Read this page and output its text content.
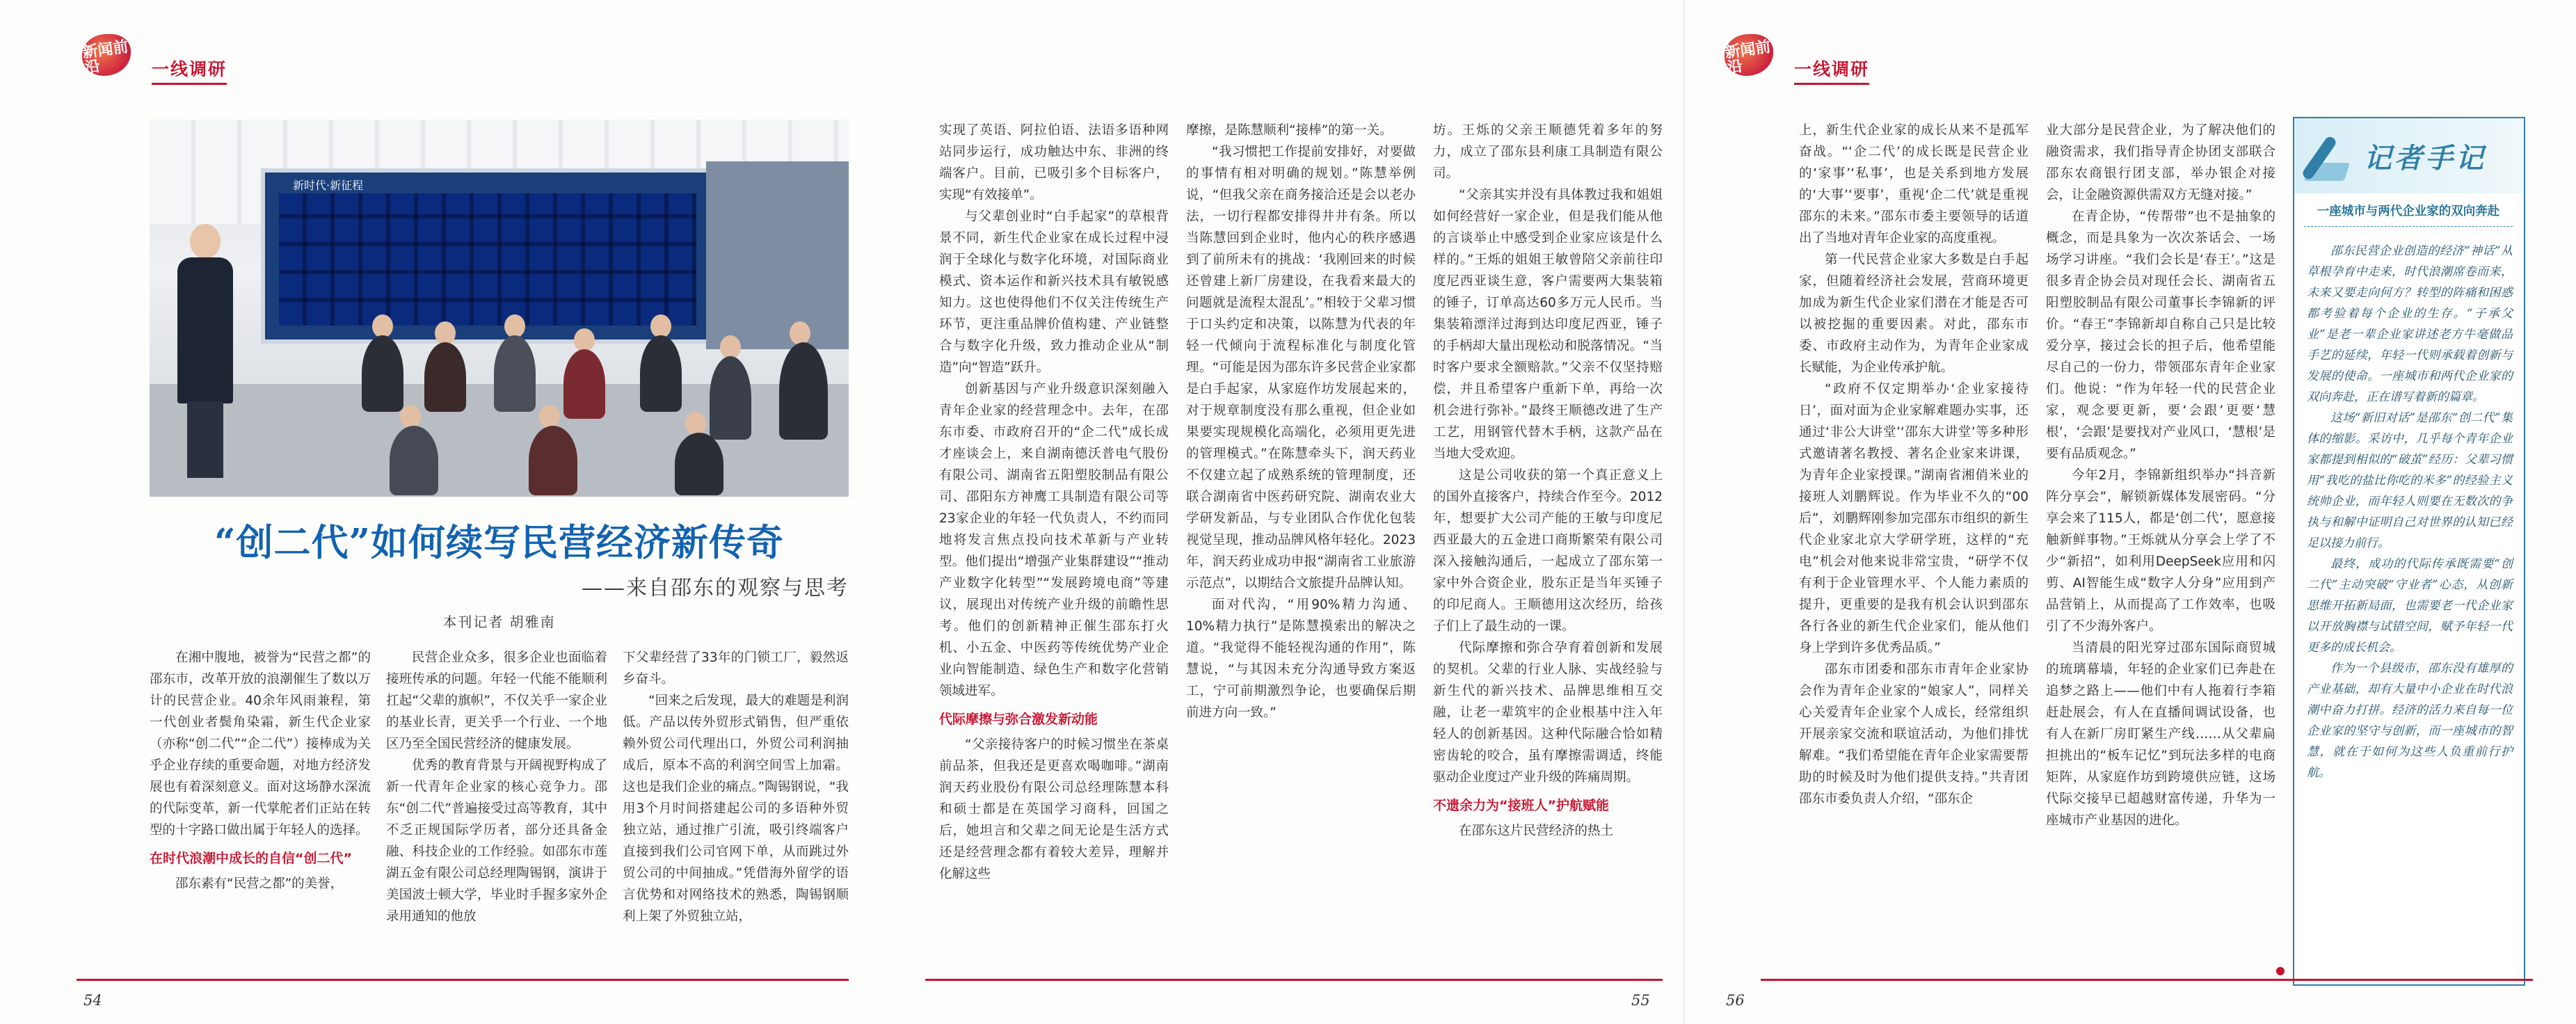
新闻前沿	一线调研
新时代·新征程
“创二代”如何续写民营经济新传奇
——来自邵东的观察与思考
本刊记者 胡雅南

在湘中腹地，被誉为“民营之都”的邵东市，改革开放的浪潮催生了数以万计的民营企业。40余年风雨兼程，第一代创业者鬓角染霜，新生代企业家（亦称“创二代”“企二代”）接棒成为关乎企业存续的重要命题，对地方经济发展也有着深刻意义。面对这场静水深流的代际变革，新一代掌舵者们正站在转型的十字路口做出属于年轻人的选择。

在时代浪潮中成长的自信“创二代”

邵东素有“民营之都”的美誉，

民营企业众多，很多企业也面临着接班传承的问题。年轻一代能不能顺利扛起“父辈的旗帜”，不仅关乎一家企业的基业长青，更关乎一个行业、一个地区乃至全国民营经济的健康发展。

优秀的教育背景与开阔视野构成了新一代青年企业家的核心竞争力。邵东“创二代”普遍接受过高等教育，其中不乏正规国际学历者，部分还具备金融、科技企业的工作经验。如邵东市莲湖五金有限公司总经理陶锡钢，演讲于美国波士顿大学，毕业时手握多家外企录用通知的他放

下父辈经营了33年的门锁工厂，毅然返乡奋斗。

“回来之后发现，最大的难题是利润低。产品以传外贸形式销售，但严重依赖外贸公司代理出口，外贸公司利润抽成后，原本不高的利润空间雪上加霜。这也是我们企业的痛点。”陶锡钢说，“我用3个月时间搭建起公司的多语种外贸独立站，通过推广引流，吸引终端客户直接到我们公司官网下单，从而跳过外贸公司的中间抽成。”凭借海外留学的语言优势和对网络技术的熟悉，陶锡钢顺利上架了外贸独立站，

实现了英语、阿拉伯语、法语多语种网站同步运行，成功触达中东、非洲的终端客户。目前，已吸引多个目标客户，实现“有效接单”。

与父辈创业时“白手起家”的草根背景不同，新生代企业家在成长过程中浸润于全球化与数字化环境，对国际商业模式、资本运作和新兴技术具有敏锐感知力。这也使得他们不仅关注传统生产环节，更注重品牌价值构建、产业链整合与数字化升级，致力推动企业从“制造”向“智造”跃升。

创新基因与产业升级意识深刻融入青年企业家的经营理念中。去年，在邵东市委、市政府召开的“企二代”成长成才座谈会上，来自湖南德沃普电气股份有限公司、湖南省五阳塑胶制品有限公司、邵阳东方神鹰工具制造有限公司等23家企业的年轻一代负责人，不约而同地将发言焦点投向技术革新与产业转型。他们提出“增强产业集群建设”“推动产业数字化转型”“发展跨境电商”等建议，展现出对传统产业升级的前瞻性思考。他们的创新精神正催生邵东打火机、小五金、中医药等传统优势产业企业向智能制造、绿色生产和数字化营销领域进军。

代际摩擦与弥合激发新动能

“父亲接待客户的时候习惯坐在茶桌前品茶，但我还是更喜欢喝咖啡。”湖南润天药业股份有限公司总经理陈慧本科和硕士都是在英国学习商科，回国之后，她坦言和父辈之间无论是生活方式还是经营理念都有着较大差异，理解并化解这些

摩擦，是陈慧顺利“接棒”的第一关。

“我习惯把工作提前安排好，对要做的事情有相对明确的规划。”陈慧举例说，“但我父亲在商务接洽还是会以老办法，一切行程都安排得井井有条。所以当陈慧回到企业时，他内心的秩序感遇到了前所未有的挑战：‘我刚回来的时候还曾建上新厂房建设，在我看来最大的问题就是流程太混乱’。”相较于父辈习惯于口头约定和决策，以陈慧为代表的年轻一代倾向于流程标准化与制度化管理。“可能是因为邵东许多民营企业家都是白手起家，从家庭作坊发展起来的，对于规章制度没有那么重视，但企业如果要实现规模化高端化，必须用更先进的管理模式。”在陈慧牵头下，润天药业不仅建立起了成熟系统的管理制度，还联合湖南省中医药研究院、湖南农业大学研发新品，与专业团队合作优化包装视觉呈现，推动品牌风格年轻化。2023年，润天药业成功申报“湖南省工业旅游示范点”，以期结合文旅提升品牌认知。

面对代沟，“用90%精力沟通、10%精力执行”是陈慧摸索出的解决之道。“我觉得不能轻视沟通的作用”，陈慧说，“与其因未充分沟通导致方案返工，宁可前期激烈争论，也要确保后期前进方向一致。”

坊。王烁的父亲王顺德凭着多年的努力，成立了邵东县利康工具制造有限公司。

“父亲其实并没有具体教过我和姐姐如何经营好一家企业，但是我们能从他的言谈举止中感受到企业家应该是什么样的。”王烁的姐姐王敏曾陪父亲前往印度尼西亚谈生意，客户需要两大集装箱的锤子，订单高达60多万元人民币。当集装箱漂洋过海到达印度尼西亚，锤子的手柄却大量出现松动和脱落情况。“当时客户要求全额赔款。”父亲不仅坚持赔偿，并且希望客户重新下单，再给一次机会进行弥补。”最终王顺德改进了生产工艺，用钢管代替木手柄，这款产品在当地大受欢迎。

这是公司收获的第一个真正意义上的国外直接客户，持续合作至今。2012年，想要扩大公司产能的王敏与印度尼西亚最大的五金进口商斯繁荣有限公司深入接触沟通后，一起成立了邵东第一家中外合资企业，股东正是当年买锤子的印尼商人。王顺德用这次经历，给孩子们上了最生动的一课。

代际摩擦和弥合孕育着创新和发展的契机。父辈的行业人脉、实战经验与新生代的新兴技术、品牌思维相互交融，让老一辈筑牢的企业根基中注入年轻人的创新基因。这种代际融合恰如精密齿轮的咬合，虽有摩擦需调适，终能驱动企业度过产业升级的阵痛周期。

不遗余力为“接班人”护航赋能

在邵东这片民营经济的热土

54	55
新闻前沿	一线调研

上，新生代企业家的成长从来不是孤军奋战。“‘企二代’的成长既是民营企业的‘家事’‘私事’，也是关系到地方发展的‘大事’‘要事’，重视‘企二代’就是重视邵东的未来。”邵东市委主要领导的话道出了当地对青年企业家的高度重视。

第一代民营企业家大多数是白手起家，但随着经济社会发展，营商环境更加成为新生代企业家们潜在才能是否可以被挖掘的重要因素。对此，邵东市委、市政府主动作为，为青年企业家成长赋能，为企业传承护航。

“政府不仅定期举办‘企业家接待日’，面对面为企业家解难题办实事，还通过‘非公大讲堂’‘邵东大讲堂’等多种形式邀请著名教授、著名企业家来讲课，为青年企业家授课。”湖南省湘俏米业的接班人刘鹏辉说。作为毕业不久的“00后”，刘鹏辉刚参加完邵东市组织的新生代企业家北京大学研学班，这样的“充电”机会对他来说非常宝贵，“研学不仅有利于企业管理水平、个人能力素质的提升，更重要的是我有机会认识到邵东各行各业的新生代企业家们，能从他们身上学到许多优秀品质。”

邵东市团委和邵东市青年企业家协会作为青年企业家的“娘家人”，同样关心关爱青年企业家个人成长，经常组织开展亲家交流和联谊活动，为他们排忧解难。“我们希望能在青年企业家需要帮助的时候及时为他们提供支持。”共青团邵东市委负责人介绍，“邵东企

业大部分是民营企业，为了解决他们的融资需求，我们指导青企协团支部联合邵东农商银行团支部，举办银企对接会，让金融资源供需双方无缝对接。”

在青企协，“传帮带”也不是抽象的概念，而是具象为一次次茶话会、一场场学习讲座。“我们会长是‘春王’。”这是很多青企协会员对现任会长、湖南省五阳塑胶制品有限公司董事长李锦新的评价。“春王”李锦新却自称自己只是比较爱分享，接过会长的担子后，他希望能尽自己的一份力，带领邵东青年企业家们。他说：“作为年轻一代的民营企业家，观念要更新，要‘会跟’更要‘慧根’，‘会跟’是要找对产业风口，‘慧根’是要有品质观念。”

今年2月，李锦新组织举办“抖音新阵分享会”，解锁新媒体发展密码。“分享会来了115人，都是‘创二代’，愿意接触新鲜事物。”王烁就从分享会上学了不少“新招”，如利用DeepSeek应用和闪剪、AI智能生成“数字人分身”应用到产品营销上，从而提高了工作效率，也吸引了不少海外客户。

当清晨的阳光穿过邵东国际商贸城的琉璃幕墙，年轻的企业家们已奔赴在追梦之路上——他们中有人拖着行李箱赶赴展会，有人在直播间调试设备，也有人在新厂房盯紧生产线……从父辈扁担挑出的“板车记忆”到玩法多样的电商矩阵，从家庭作坊到跨境供应链，这场代际交接早已超越财富传递，升华为一座城市产业基因的进化。

记者手记
一座城市与两代企业家的双向奔赴

邵东民营企业创造的经济“神话”从草根孕育中走来，时代浪潮席卷而来，未来又要走向何方？转型的阵痛和困惑都考验着每个企业的生存。“子承父业”是老一辈企业家讲述老方牛毫做品手艺的延续，年轻一代则承载着创新与发展的使命。一座城市和两代企业家的双向奔赴，正在谱写着新的篇章。

这场“新旧对话”是邵东“创二代”集体的缩影。采访中，几乎每个青年企业家都提到相似的“破茧”经历：父辈习惯用“我吃的盐比你吃的米多”的经验主义统帅企业，而年轻人则要在无数次的争执与和解中证明自己对世界的认知已经足以接力前行。

最终，成功的代际传承既需要“创二代”主动突破“守业者”心态，从创新思维开拓新局面，也需要老一代企业家以开放胸襟与试错空间，赋予年轻一代更多的成长机会。

作为一个县级市，邵东没有雄厚的产业基础，却有大量中小企业在时代浪潮中奋力打拼。经济的活力来自每一位企业家的坚守与创新，而一座城市的智慧，就在于如何为这些人负重前行护航。

56
